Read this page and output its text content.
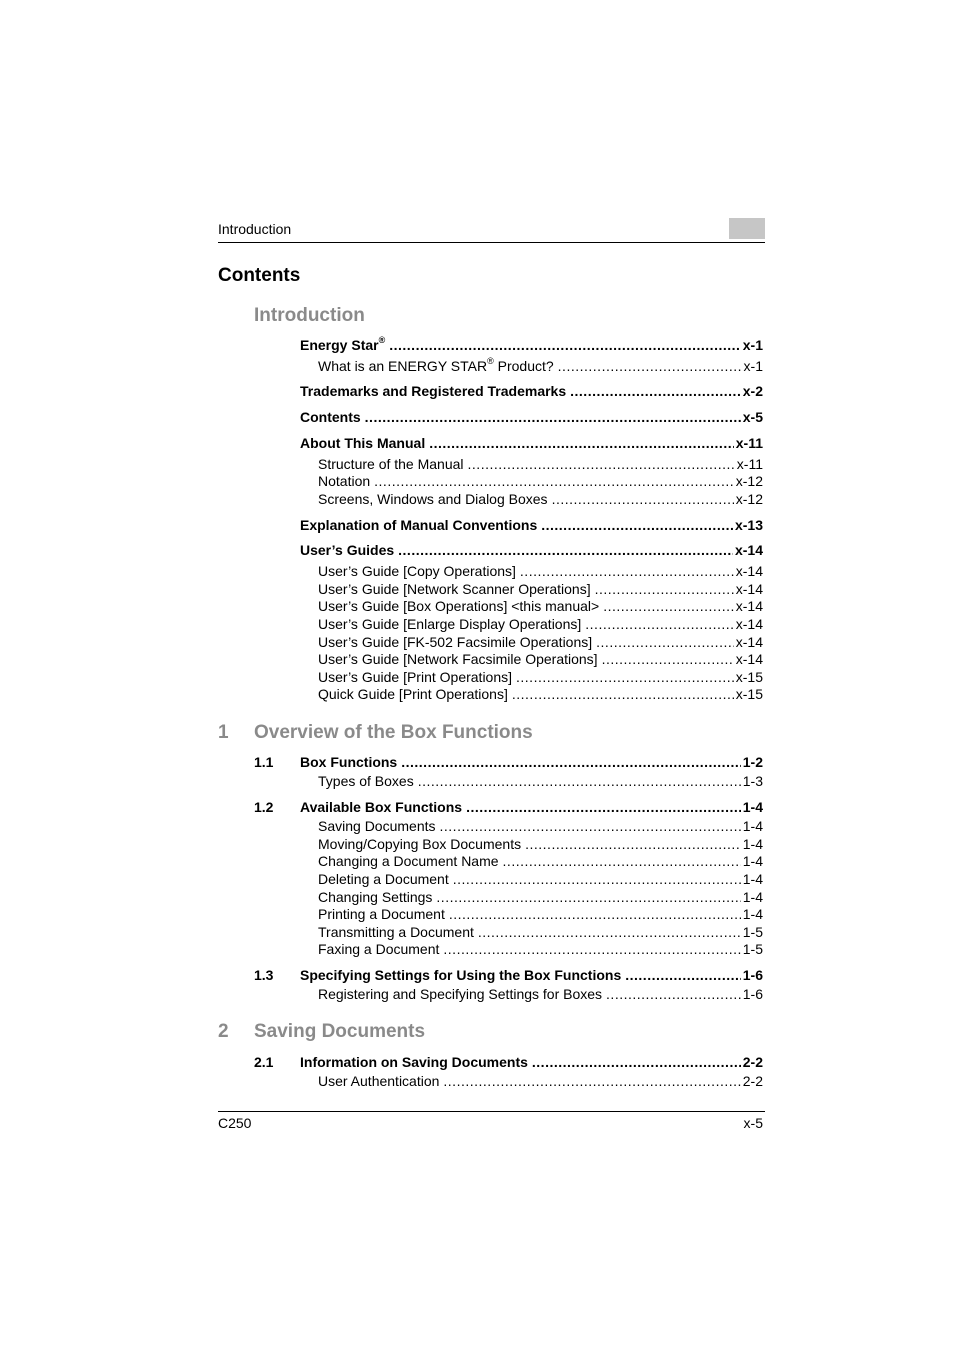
Introduction
Contents
Introduction
Energy Star® .....	x-1
What is an ENERGY STAR® Product? .....	x-1
Trademarks and Registered Trademarks .....	x-2
Contents .....	x-5
About This Manual .....	x-11
Structure of the Manual .....	x-11
Notation .....	x-12
Screens, Windows and Dialog Boxes .....	x-12
Explanation of Manual Conventions .....	x-13
User’s Guides .....	x-14
User’s Guide [Copy Operations] .....	x-14
User’s Guide [Network Scanner Operations] .....	x-14
User’s Guide [Box Operations] <this manual> .....	x-14
User’s Guide [Enlarge Display Operations] .....	x-14
User’s Guide [FK-502 Facsimile Operations] .....	x-14
User’s Guide [Network Facsimile Operations] .....	x-14
User’s Guide [Print Operations] .....	x-15
Quick Guide [Print Operations] .....	x-15
1 Overview of the Box Functions
1.1 Box Functions .....	1-2
Types of Boxes .....	1-3
1.2 Available Box Functions .....	1-4
Saving Documents .....	1-4
Moving/Copying Box Documents .....	1-4
Changing a Document Name .....	1-4
Deleting a Document .....	1-4
Changing Settings .....	1-4
Printing a Document .....	1-4
Transmitting a Document .....	1-5
Faxing a Document .....	1-5
1.3 Specifying Settings for Using the Box Functions .....	1-6
Registering and Specifying Settings for Boxes .....	1-6
2 Saving Documents
2.1 Information on Saving Documents .....	2-2
User Authentication .....	2-2
C250	x-5
